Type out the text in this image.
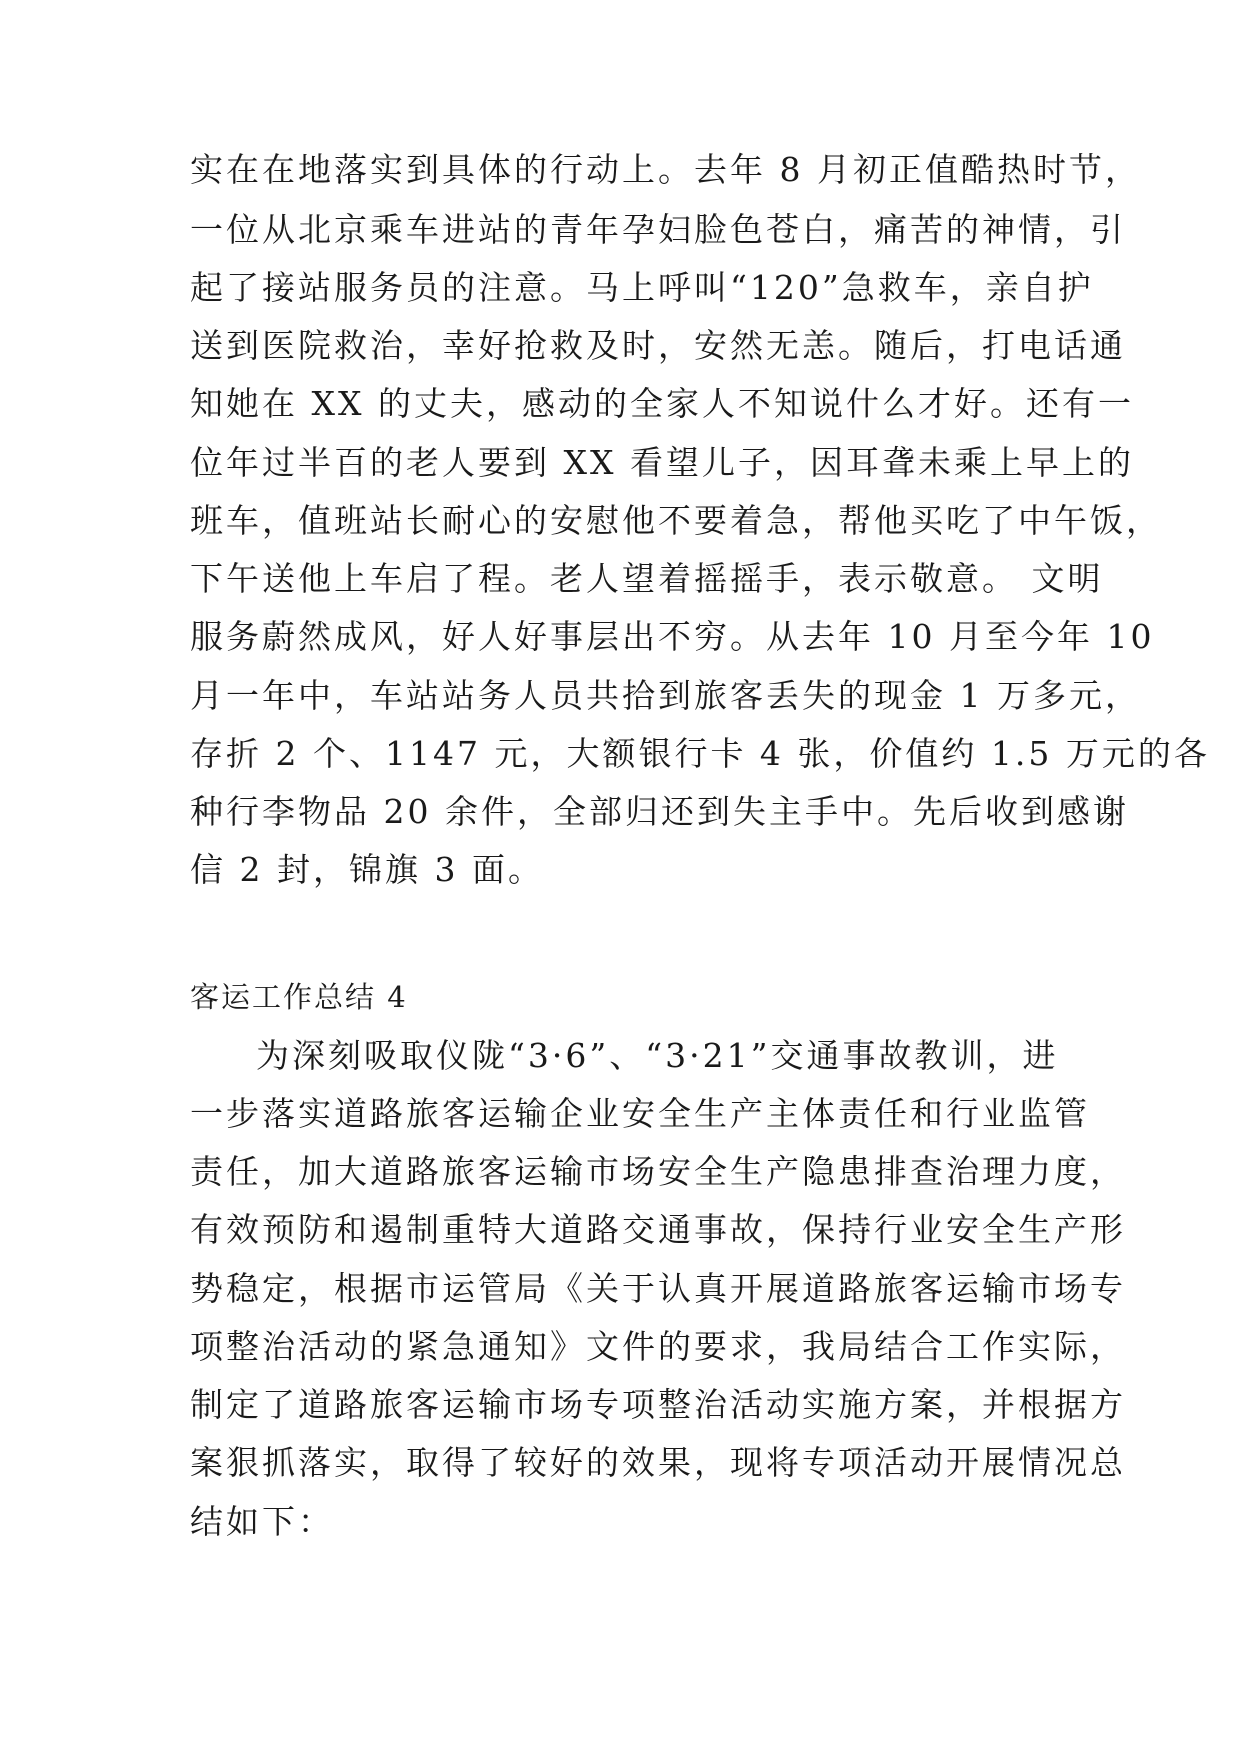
实在在地落实到具体的行动上。去年 8 月初正值酷热时节，
一位从北京乘车进站的青年孕妇脸色苍白，痛苦的神情，引
起了接站服务员的注意。马上呼叫“120”急救车，亲自护
送到医院救治，幸好抢救及时，安然无恙。随后，打电话通
知她在 XX 的丈夫，感动的全家人不知说什么才好。还有一
位年过半百的老人要到 XX 看望儿子，因耳聋未乘上早上的
班车，值班站长耐心的安慰他不要着急，帮他买吃了中午饭，
下午送他上车启了程。老人望着摇摇手，表示敬意。 文明
服务蔚然成风，好人好事层出不穷。从去年 10 月至今年 10
月一年中，车站站务人员共拾到旅客丢失的现金 1 万多元，
存折 2 个、1147 元，大额银行卡 4 张，价值约 1.5 万元的各
种行李物品 20 余件，全部归还到失主手中。先后收到感谢
信 2 封，锦旗 3 面。
客运工作总结 4
为深刻吸取仪陇“3·6”、“3·21”交通事故教训，进
一步落实道路旅客运输企业安全生产主体责任和行业监管
责任，加大道路旅客运输市场安全生产隐患排查治理力度，
有效预防和遏制重特大道路交通事故，保持行业安全生产形
势稳定，根据市运管局《关于认真开展道路旅客运输市场专
项整治活动的紧急通知》文件的要求，我局结合工作实际，
制定了道路旅客运输市场专项整治活动实施方案，并根据方
案狠抓落实，取得了较好的效果，现将专项活动开展情况总
结如下：
